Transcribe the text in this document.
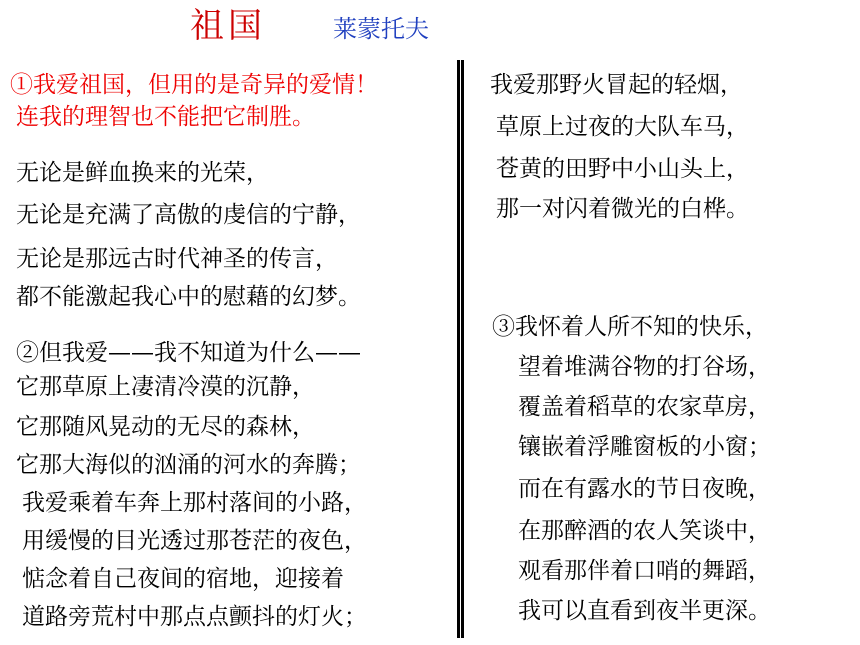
祖国	莱蒙托夫
①我爱祖国，但用的是奇异的爱情！
连我的理智也不能把它制胜。
无论是鲜血换来的光荣，
无论是充满了高傲的虔信的宁静，
无论是那远古时代神圣的传言，
都不能激起我心中的慰藉的幻梦。
②但我爱——我不知道为什么——
它那草原上凄清冷漠的沉静，
它那随风晃动的无尽的森林，
它那大海似的汹涌的河水的奔腾；
我爱乘着车奔上那村落间的小路，
用缓慢的目光透过那苍茫的夜色，
惦念着自己夜间的宿地，迎接着
道路旁荒村中那点点颤抖的灯火；
我爱那野火冒起的轻烟，
草原上过夜的大队车马，
苍黄的田野中小山头上，
那一对闪着微光的白桦。
③我怀着人所不知的快乐，
望着堆满谷物的打谷场，
覆盖着稻草的农家草房，
镶嵌着浮雕窗板的小窗；
而在有露水的节日夜晚，
在那醉酒的农人笑谈中，
观看那伴着口哨的舞蹈，
我可以直看到夜半更深。
